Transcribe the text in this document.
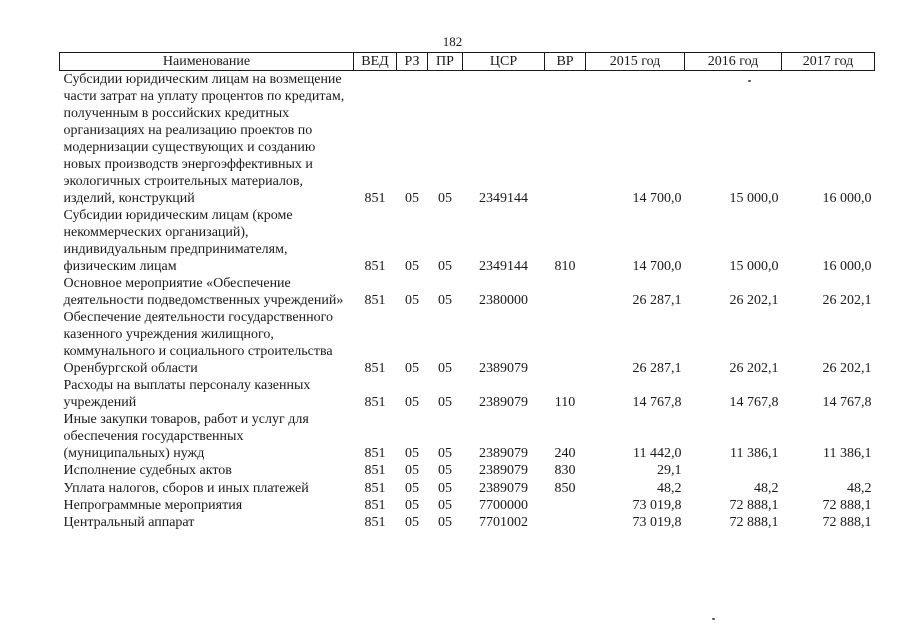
182
Наименование	ВЕД	РЗ	ПР	ЦСР	ВР	2015 год	2016 год	2017 год
Субсидии юридическим лицам на возмещение части затрат на уплату процентов по кредитам, полученным в российских кредитных организациях на реализацию проектов по модернизации существующих и созданию новых производств энергоэффективных и экологичных строительных материалов, изделий, конструкций	851	05	05	2349144		14 700,0	15 000,0	16 000,0
Субсидии юридическим лицам (кроме некоммерческих организаций), индивидуальным предпринимателям, физическим лицам	851	05	05	2349144	810	14 700,0	15 000,0	16 000,0
Основное мероприятие «Обеспечение деятельности подведомственных учреждений»	851	05	05	2380000		26 287,1	26 202,1	26 202,1
Обеспечение деятельности государственного казенного учреждения жилищного, коммунального и социального строительства Оренбургской области	851	05	05	2389079		26 287,1	26 202,1	26 202,1
Расходы на выплаты персоналу казенных учреждений	851	05	05	2389079	110	14 767,8	14 767,8	14 767,8
Иные закупки товаров, работ и услуг для обеспечения государственных (муниципальных) нужд	851	05	05	2389079	240	11 442,0	11 386,1	11 386,1
Исполнение судебных актов	851	05	05	2389079	830	29,1		
Уплата налогов, сборов и иных платежей	851	05	05	2389079	850	48,2	48,2	48,2
Непрограммные мероприятия	851	05	05	7700000		73 019,8	72 888,1	72 888,1
Центральный аппарат	851	05	05	7701002		73 019,8	72 888,1	72 888,1
